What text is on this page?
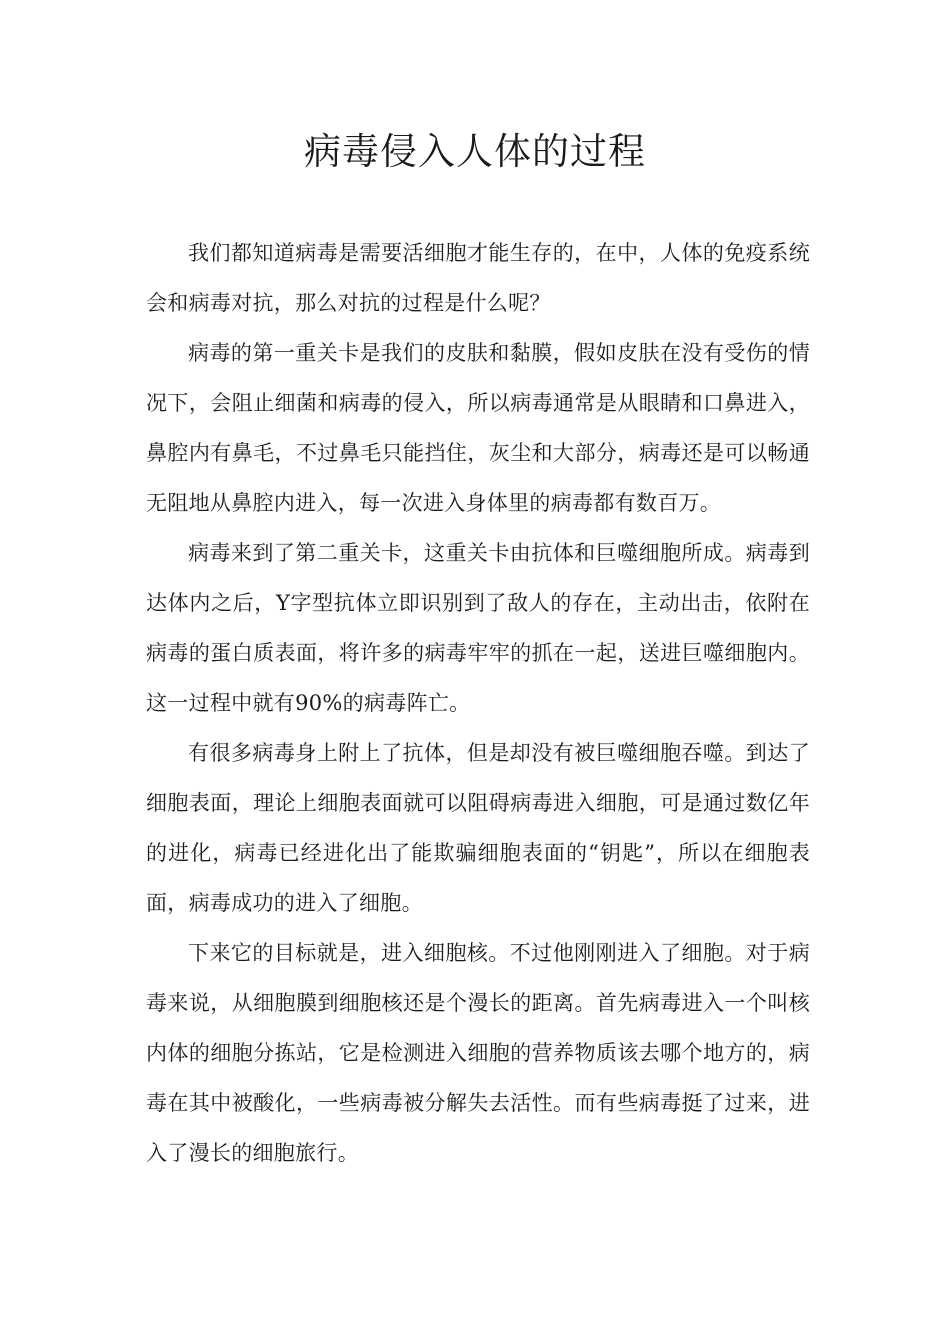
病毒侵入人体的过程

我们都知道病毒是需要活细胞才能生存的，在中，人体的免疫系统会和病毒对抗，那么对抗的过程是什么呢？

病毒的第一重关卡是我们的皮肤和黏膜，假如皮肤在没有受伤的情况下，会阻止细菌和病毒的侵入，所以病毒通常是从眼睛和口鼻进入，鼻腔内有鼻毛，不过鼻毛只能挡住，灰尘和大部分，病毒还是可以畅通无阻地从鼻腔内进入，每一次进入身体里的病毒都有数百万。

病毒来到了第二重关卡，这重关卡由抗体和巨噬细胞所成。病毒到达体内之后，Y字型抗体立即识别到了敌人的存在，主动出击，依附在病毒的蛋白质表面，将许多的病毒牢牢的抓在一起，送进巨噬细胞内。这一过程中就有90%的病毒阵亡。

有很多病毒身上附上了抗体，但是却没有被巨噬细胞吞噬。到达了细胞表面，理论上细胞表面就可以阻碍病毒进入细胞，可是通过数亿年的进化，病毒已经进化出了能欺骗细胞表面的“钥匙”，所以在细胞表面，病毒成功的进入了细胞。

下来它的目标就是，进入细胞核。不过他刚刚进入了细胞。对于病毒来说，从细胞膜到细胞核还是个漫长的距离。首先病毒进入一个叫核内体的细胞分拣站，它是检测进入细胞的营养物质该去哪个地方的，病毒在其中被酸化，一些病毒被分解失去活性。而有些病毒挺了过来，进入了漫长的细胞旅行。
